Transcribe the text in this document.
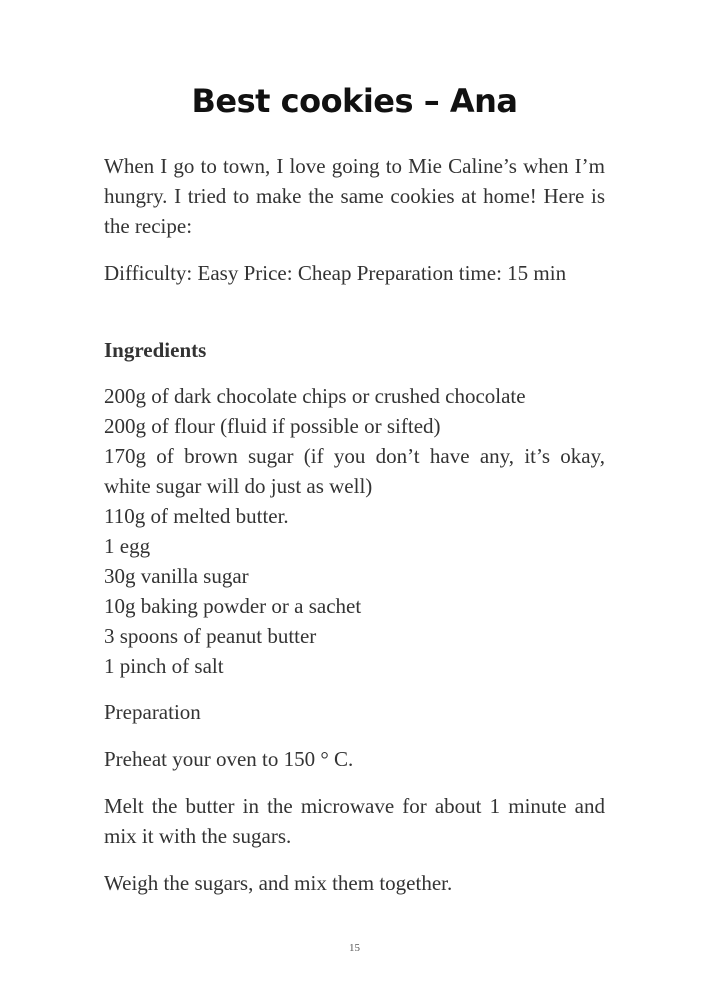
Best cookies – Ana

When I go to town, I love going to Mie Caline’s when I’m hungry. I tried to make the same cookies at home! Here is the recipe:

Difficulty: Easy Price: Cheap Preparation time: 15 min

Ingredients

200g of dark chocolate chips or crushed chocolate
200g of flour (fluid if possible or sifted)
170g of brown sugar (if you don’t have any, it’s okay, white sugar will do just as well)
110g of melted butter.
1 egg
30g vanilla sugar
10g baking powder or a sachet
3 spoons of peanut butter
1 pinch of salt

Preparation

Preheat your oven to 150 ° C.

Melt the butter in the microwave for about 1 minute and mix it with the sugars.

Weigh the sugars, and mix them together.

15
